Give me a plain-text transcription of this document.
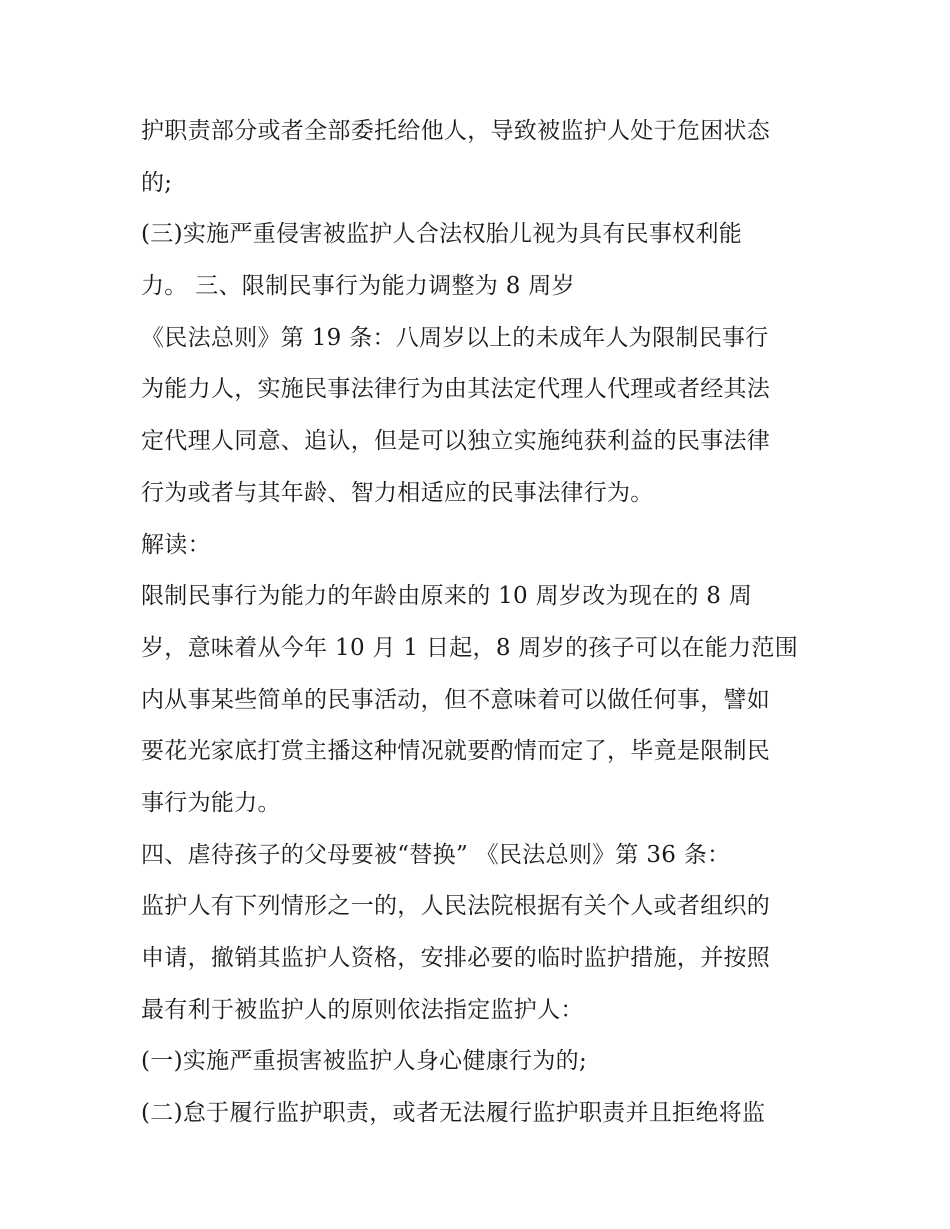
护职责部分或者全部委托给他人，导致被监护人处于危困状态
的;
(三)实施严重侵害被监护人合法权胎儿视为具有民事权利能
力。 三、限制民事行为能力调整为 8 周岁
《民法总则》第 19 条：八周岁以上的未成年人为限制民事行
为能力人，实施民事法律行为由其法定代理人代理或者经其法
定代理人同意、追认，但是可以独立实施纯获利益的民事法律
行为或者与其年龄、智力相适应的民事法律行为。
解读：
限制民事行为能力的年龄由原来的 10 周岁改为现在的 8 周
岁，意味着从今年 10 月 1 日起，8 周岁的孩子可以在能力范围
内从事某些简单的民事活动，但不意味着可以做任何事，譬如
要花光家底打赏主播这种情况就要酌情而定了，毕竟是限制民
事行为能力。
四、虐待孩子的父母要被“替换” 《民法总则》第 36 条：
监护人有下列情形之一的，人民法院根据有关个人或者组织的
申请，撤销其监护人资格，安排必要的临时监护措施，并按照
最有利于被监护人的原则依法指定监护人：
(一)实施严重损害被监护人身心健康行为的;
(二)怠于履行监护职责，或者无法履行监护职责并且拒绝将监
